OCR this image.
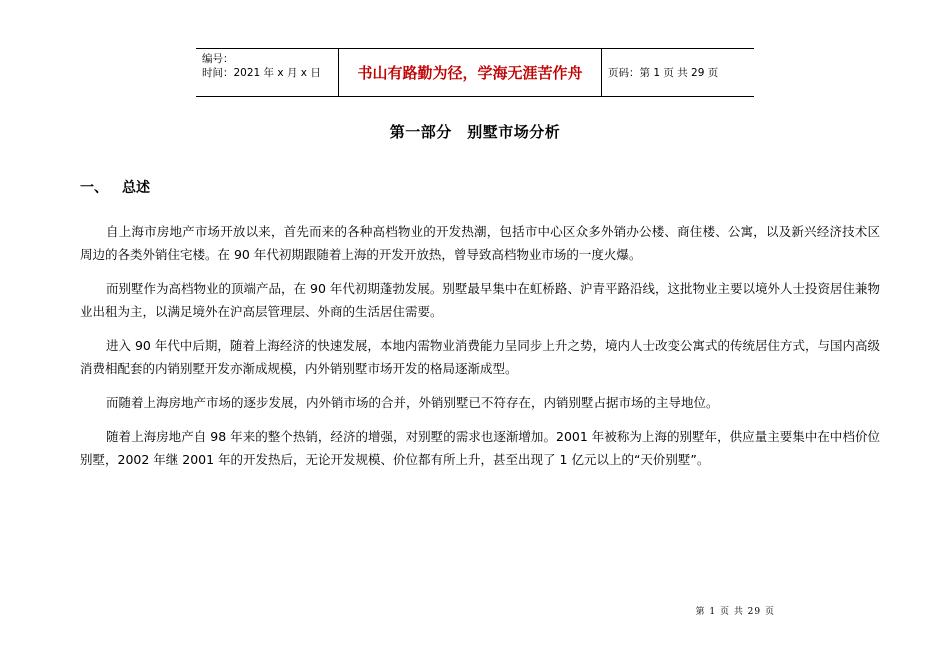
编号：
时间：2021 年 x 月 x 日	书山有路勤为径，学海无涯苦作舟	页码：第 1 页 共 29 页
第一部分　别墅市场分析
一、 总述

自上海市房地产市场开放以来，首先而来的各种高档物业的开发热潮，包括市中心区众多外销办公楼、商住楼、公寓，以及新兴经济技术区周边的各类外销住宅楼。在 90 年代初期跟随着上海的开发开放热，曾导致高档物业市场的一度火爆。

而别墅作为高档物业的顶端产品，在 90 年代初期蓬勃发展。别墅最早集中在虹桥路、沪青平路沿线，这批物业主要以境外人士投资居住兼物业出租为主，以满足境外在沪高层管理层、外商的生活居住需要。

进入 90 年代中后期，随着上海经济的快速发展，本地内需物业消费能力呈同步上升之势，境内人士改变公寓式的传统居住方式，与国内高级消费相配套的内销别墅开发亦渐成规模，内外销别墅市场开发的格局逐渐成型。

而随着上海房地产市场的逐步发展，内外销市场的合并，外销别墅已不符存在，内销别墅占据市场的主导地位。

随着上海房地产自 98 年来的整个热销，经济的增强，对别墅的需求也逐渐增加。2001 年被称为上海的别墅年，供应量主要集中在中档价位别墅，2002 年继 2001 年的开发热后，无论开发规模、价位都有所上升，甚至出现了 1 亿元以上的“天价别墅”。

第 1 页 共 29 页
